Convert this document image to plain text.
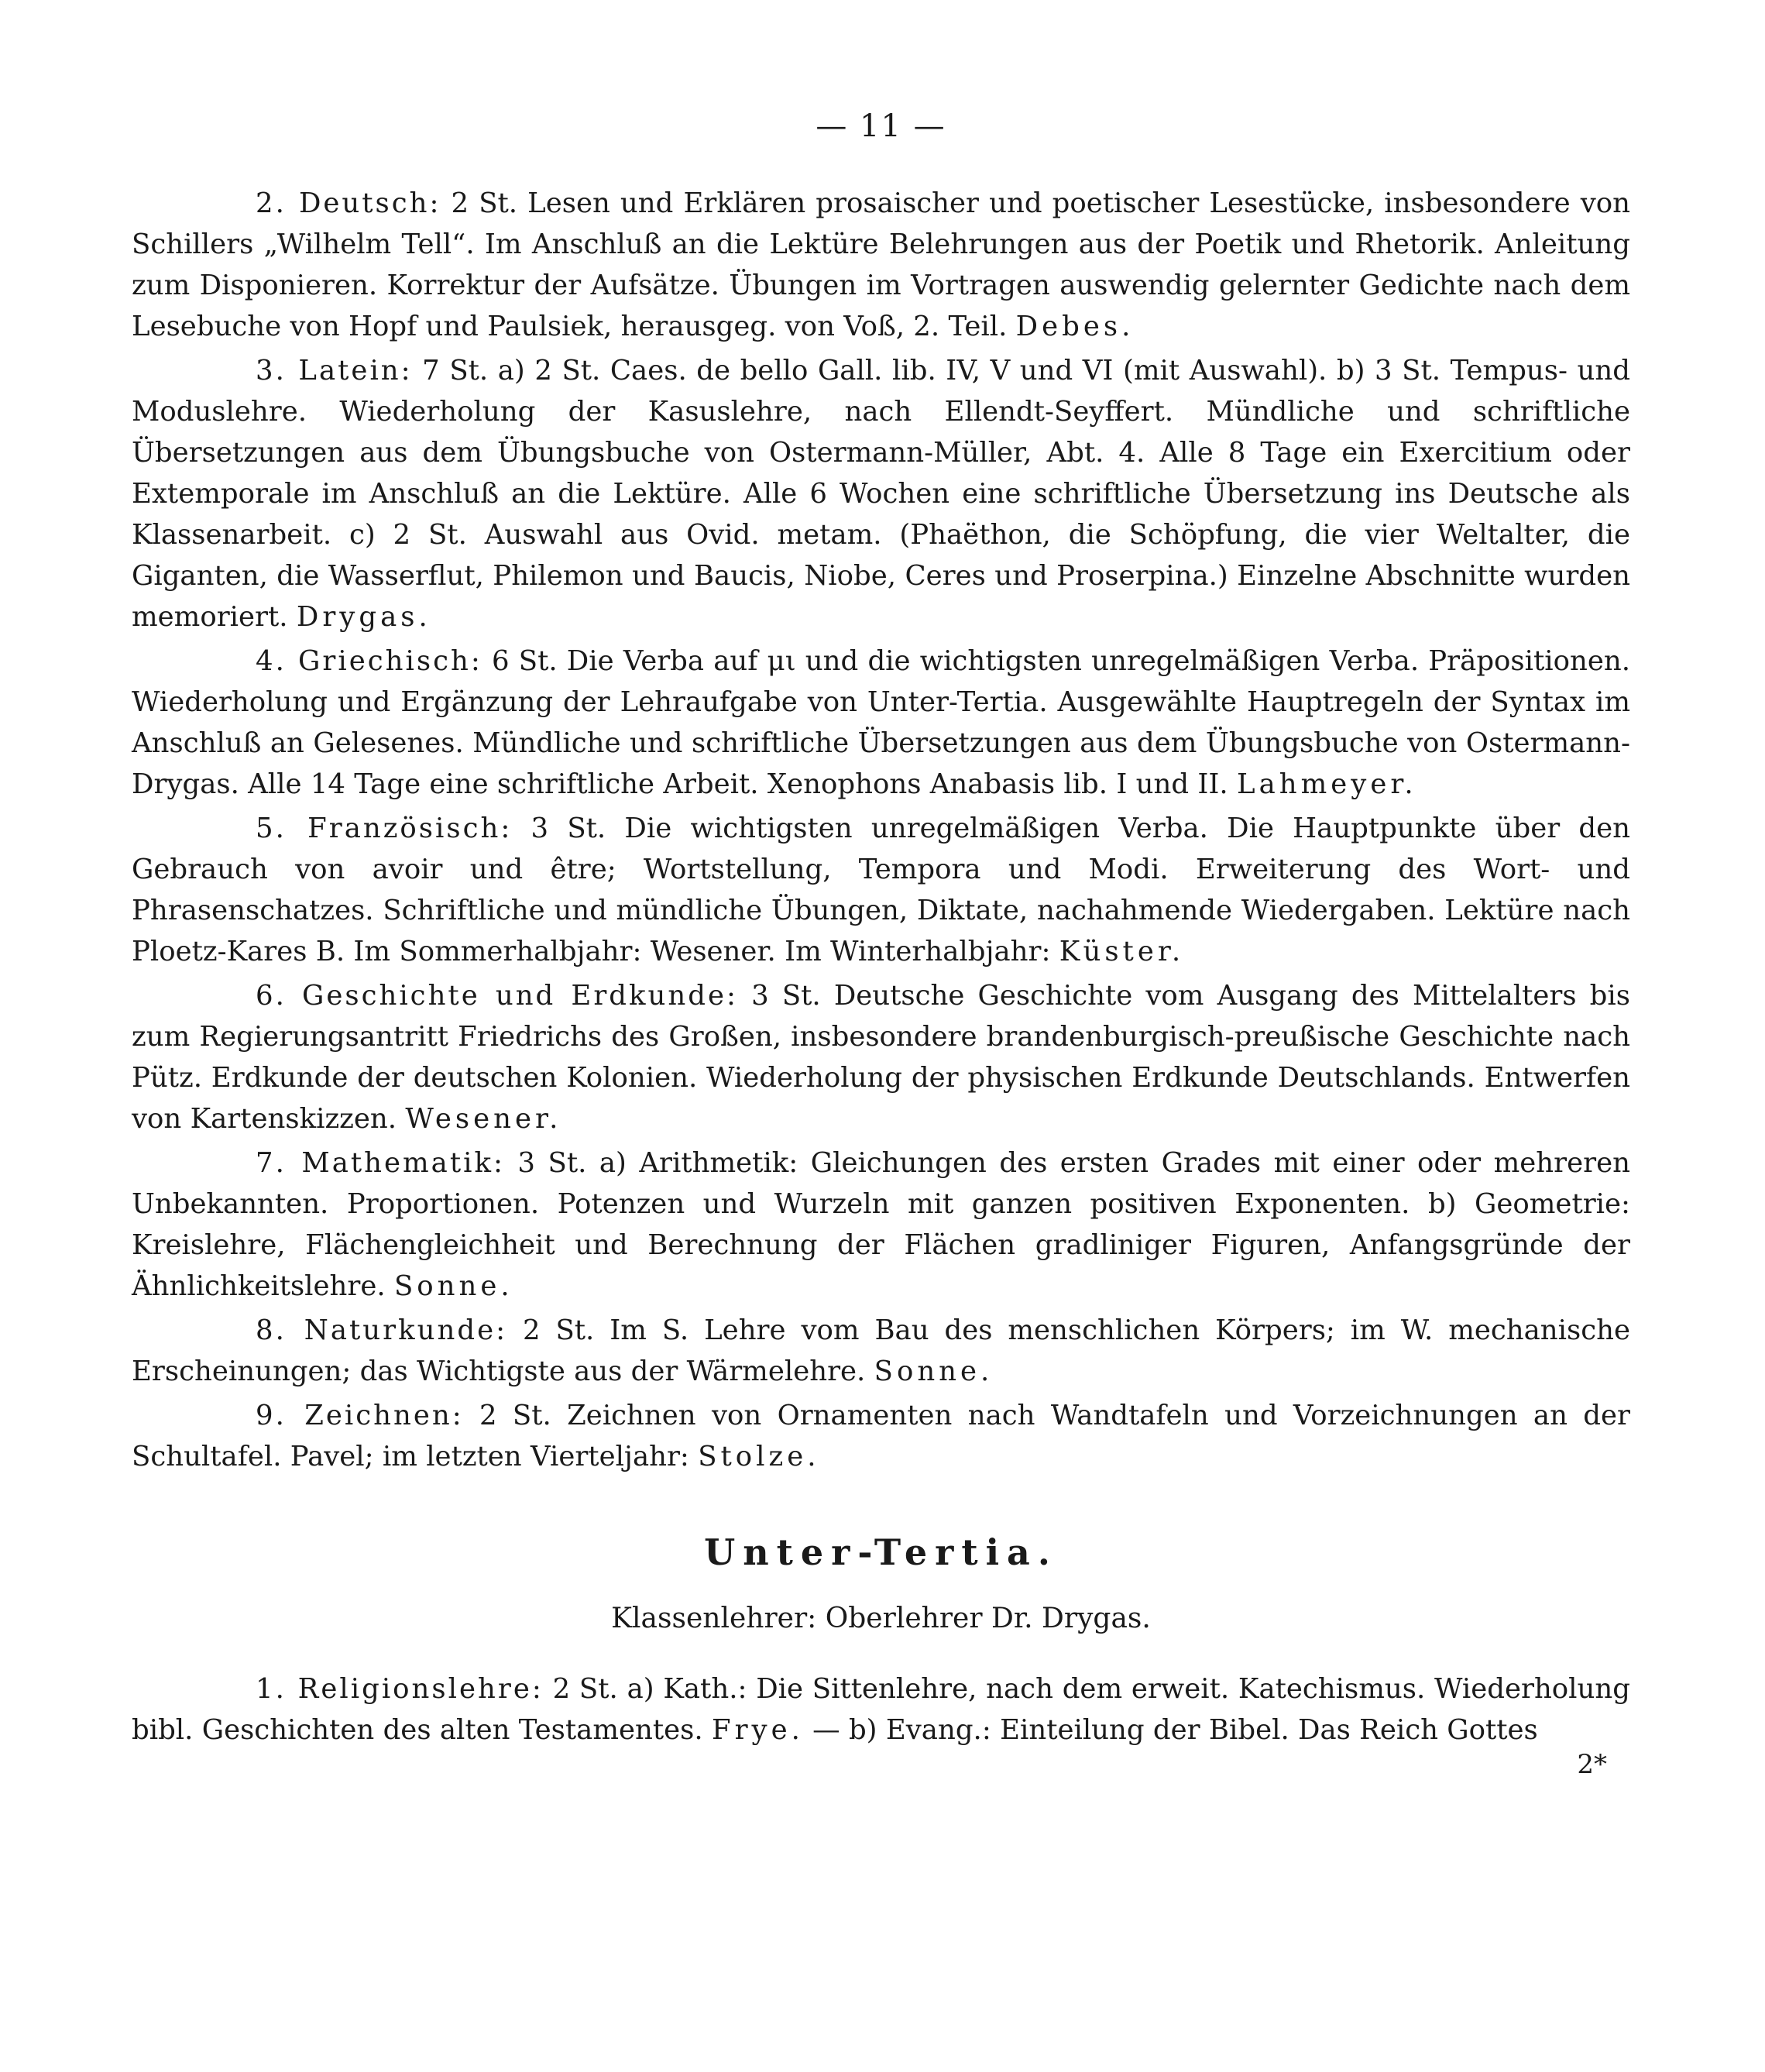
— 11 —

2. Deutsch: 2 St. Lesen und Erklären prosaischer und poetischer Lesestücke, insbesondere von Schillers „Wilhelm Tell“. Im Anschluß an die Lektüre Belehrungen aus der Poetik und Rhetorik. Anleitung zum Disponieren. Korrektur der Aufsätze. Übungen im Vortragen auswendig gelernter Gedichte nach dem Lesebuche von Hopf und Paulsiek, herausgeg. von Voß, 2. Teil. Debes.

3. Latein: 7 St. a) 2 St. Caes. de bello Gall. lib. IV, V und VI (mit Auswahl). b) 3 St. Tempus- und Moduslehre. Wiederholung der Kasuslehre, nach Ellendt-Seyffert. Mündliche und schriftliche Übersetzungen aus dem Übungsbuche von Ostermann-Müller, Abt. 4. Alle 8 Tage ein Exercitium oder Extemporale im Anschluß an die Lektüre. Alle 6 Wochen eine schriftliche Übersetzung ins Deutsche als Klassenarbeit. c) 2 St. Auswahl aus Ovid. metam. (Phaëthon, die Schöpfung, die vier Weltalter, die Giganten, die Wasserflut, Philemon und Baucis, Niobe, Ceres und Proserpina.) Einzelne Abschnitte wurden memoriert. Drygas.

4. Griechisch: 6 St. Die Verba auf μι und die wichtigsten unregelmäßigen Verba. Präpositionen. Wiederholung und Ergänzung der Lehraufgabe von Unter-Tertia. Ausgewählte Hauptregeln der Syntax im Anschluß an Gelesenes. Mündliche und schriftliche Übersetzungen aus dem Übungsbuche von Ostermann-Drygas. Alle 14 Tage eine schriftliche Arbeit. Xenophons Anabasis lib. I und II. Lahmeyer.

5. Französisch: 3 St. Die wichtigsten unregelmäßigen Verba. Die Hauptpunkte über den Gebrauch von avoir und être; Wortstellung, Tempora und Modi. Erweiterung des Wort- und Phrasenschatzes. Schriftliche und mündliche Übungen, Diktate, nachahmende Wiedergaben. Lektüre nach Ploetz-Kares B. Im Sommerhalbjahr: Wesener. Im Winterhalbjahr: Küster.

6. Geschichte und Erdkunde: 3 St. Deutsche Geschichte vom Ausgang des Mittelalters bis zum Regierungsantritt Friedrichs des Großen, insbesondere brandenburgisch-preußische Geschichte nach Pütz. Erdkunde der deutschen Kolonien. Wiederholung der physischen Erdkunde Deutschlands. Entwerfen von Kartenskizzen. Wesener.

7. Mathematik: 3 St. a) Arithmetik: Gleichungen des ersten Grades mit einer oder mehreren Unbekannten. Proportionen. Potenzen und Wurzeln mit ganzen positiven Exponenten. b) Geometrie: Kreislehre, Flächengleichheit und Berechnung der Flächen gradliniger Figuren, Anfangsgründe der Ähnlichkeitslehre. Sonne.

8. Naturkunde: 2 St. Im S. Lehre vom Bau des menschlichen Körpers; im W. mechanische Erscheinungen; das Wichtigste aus der Wärmelehre. Sonne.

9. Zeichnen: 2 St. Zeichnen von Ornamenten nach Wandtafeln und Vorzeichnungen an der Schultafel. Pavel; im letzten Vierteljahr: Stolze.

Unter-Tertia.
Klassenlehrer: Oberlehrer Dr. Drygas.

1. Religionslehre: 2 St. a) Kath.: Die Sittenlehre, nach dem erweit. Katechismus. Wiederholung bibl. Geschichten des alten Testamentes. Frye. — b) Evang.: Einteilung der Bibel. Das Reich Gottes

2*
